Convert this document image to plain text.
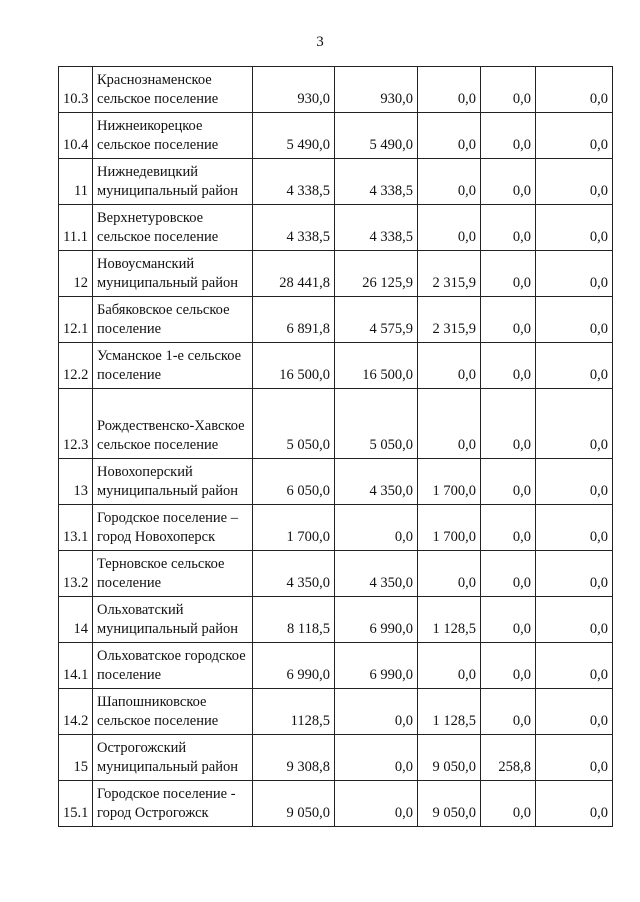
3
10.3	Краснознаменское сельское поселение	930,0	930,0	0,0	0,0	0,0
10.4	Нижнеикорецкое сельское поселение	5 490,0	5 490,0	0,0	0,0	0,0
11	Нижнедевицкий муниципальный район	4 338,5	4 338,5	0,0	0,0	0,0
11.1	Верхнетуровское сельское поселение	4 338,5	4 338,5	0,0	0,0	0,0
12	Новоусманский муниципальный район	28 441,8	26 125,9	2 315,9	0,0	0,0
12.1	Бабяковское сельское поселение	6 891,8	4 575,9	2 315,9	0,0	0,0
12.2	Усманское 1-е сельское поселение	16 500,0	16 500,0	0,0	0,0	0,0
12.3	Рождественско-Хавское сельское поселение	5 050,0	5 050,0	0,0	0,0	0,0
13	Новохоперский муниципальный район	6 050,0	4 350,0	1 700,0	0,0	0,0
13.1	Городское поселение – город Новохоперск	1 700,0	0,0	1 700,0	0,0	0,0
13.2	Терновское сельское поселение	4 350,0	4 350,0	0,0	0,0	0,0
14	Ольховатский муниципальный район	8 118,5	6 990,0	1 128,5	0,0	0,0
14.1	Ольховатское городское поселение	6 990,0	6 990,0	0,0	0,0	0,0
14.2	Шапошниковское сельское поселение	1128,5	0,0	1 128,5	0,0	0,0
15	Острогожский муниципальный район	9 308,8	0,0	9 050,0	258,8	0,0
15.1	Городское поселение - город Острогожск	9 050,0	0,0	9 050,0	0,0	0,0
